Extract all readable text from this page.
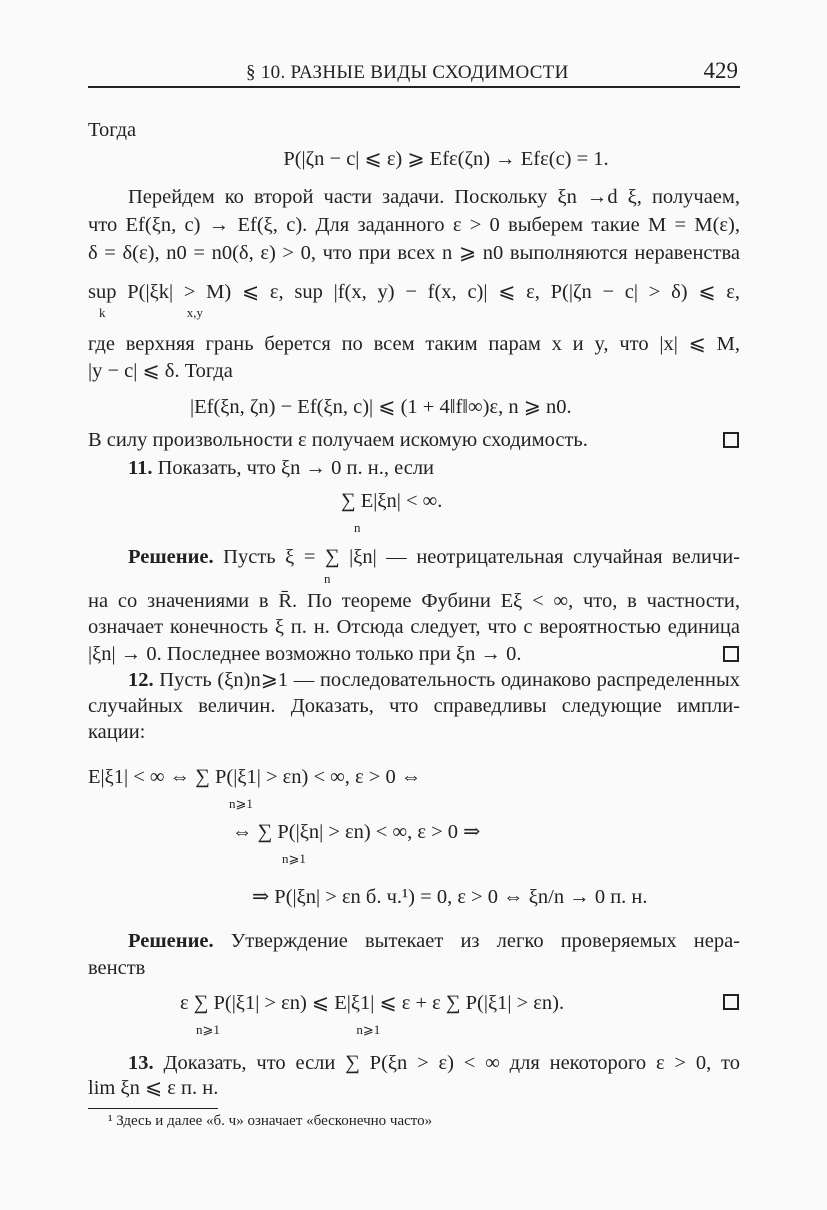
§ 10. РАЗНЫЕ ВИДЫ СХОДИМОСТИ	429
Тогда
P(|ζn − c| ⩽ ε) ⩾ Efε(ζn) → Efε(c) = 1.
Перейдем ко второй части задачи. Поскольку ξn →d ξ, получаем,
что Ef(ξn, c) → Ef(ξ, c). Для заданного ε > 0 выберем такие M = M(ε),
δ = δ(ε), n0 = n0(δ, ε) > 0, что при всех n ⩾ n0 выполняются неравенства
sup P(|ξk| > M) ⩽ ε, sup |f(x, y) − f(x, c)| ⩽ ε, P(|ζn − c| > δ) ⩽ ε,
k                         x,y
где верхняя грань берется по всем таким парам x и y, что |x| ⩽ M,
|y − c| ⩽ δ. Тогда
|Ef(ξn, ζn) − Ef(ξn, c)| ⩽ (1 + 4‖f‖∞)ε, n ⩾ n0.
В силу произвольности ε получаем искомую сходимость.
11. Показать, что ξn → 0 п. н., если
∑ E|ξn| < ∞.
n
Решение. Пусть ξ = ∑ |ξn| — неотрицательная случайная величи-
n
на со значениями в R̄. По теореме Фубини Eξ < ∞, что, в частности,
означает конечность ξ п. н. Отсюда следует, что с вероятностью единица
|ξn| → 0. Последнее возможно только при ξn → 0.
12. Пусть (ξn)n⩾1 — последовательность одинаково распределенных
случайных величин. Доказать, что справедливы следующие импли-
кации:
E|ξ1| < ∞ ⇔ ∑ P(|ξ1| > εn) < ∞, ε > 0 ⇔
n⩾1
⇔ ∑ P(|ξn| > εn) < ∞, ε > 0 ⇒
n⩾1
⇒ P(|ξn| > εn б. ч.¹) = 0, ε > 0 ⇔ ξn/n → 0 п. н.
Решение. Утверждение вытекает из легко проверяемых нера-
венств
ε ∑ P(|ξ1| > εn) ⩽ E|ξ1| ⩽ ε + ε ∑ P(|ξ1| > εn).
n⩾1                                          n⩾1
13. Доказать, что если ∑ P(ξn > ε) < ∞ для некоторого ε > 0, то
lim ξn ⩽ ε п. н.
¹ Здесь и далее «б. ч» означает «бесконечно часто»
